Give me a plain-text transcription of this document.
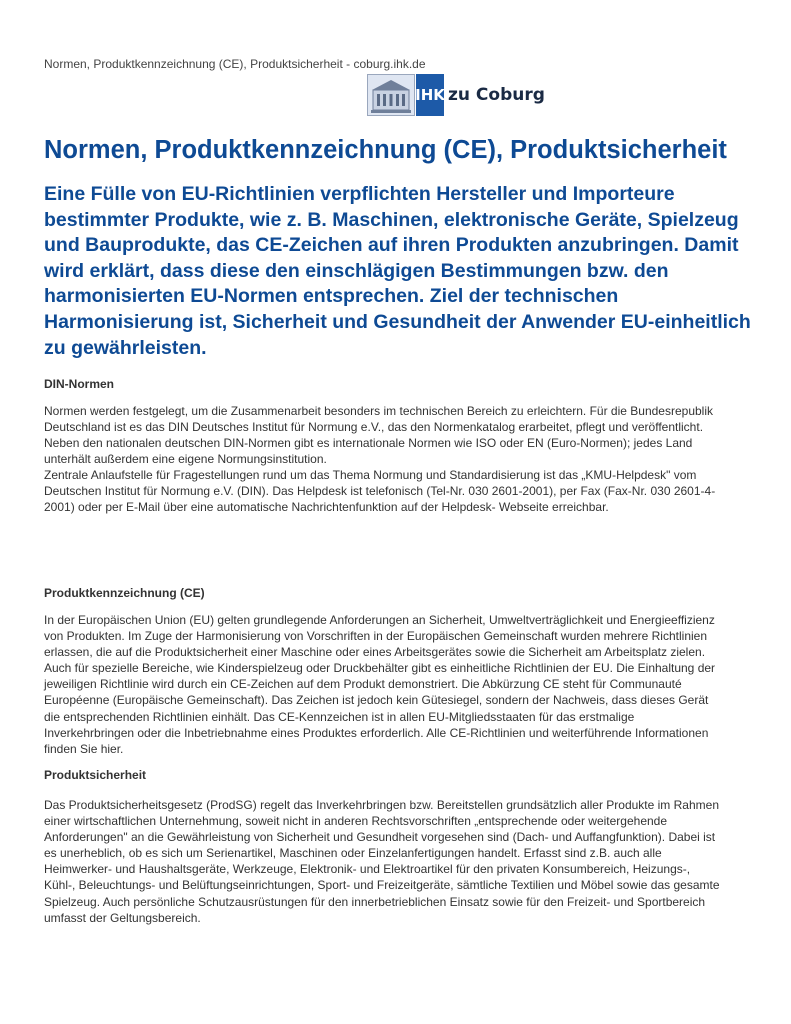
Normen, Produktkennzeichnung (CE), Produktsicherheit - coburg.ihk.de
IHK zu Coburg
Normen, Produktkennzeichnung (CE), Produktsicherheit

Eine Fülle von EU-Richtlinien verpflichten Hersteller und Importeure bestimmter Produkte, wie z. B. Maschinen, elektronische Geräte, Spielzeug und Bauprodukte, das CE-Zeichen auf ihren Produkten anzubringen. Damit wird erklärt, dass diese den einschlägigen Bestimmungen bzw. den harmonisierten EU-Normen entsprechen. Ziel der technischen Harmonisierung ist, Sicherheit und Gesundheit der Anwender EU-einheitlich zu gewährleisten.

DIN-Normen

Normen werden festgelegt, um die Zusammenarbeit besonders im technischen Bereich zu erleichtern. Für die Bundesrepublik Deutschland ist es das DIN Deutsches Institut für Normung e.V., das den Normenkatalog erarbeitet, pflegt und veröffentlicht. Neben den nationalen deutschen DIN-Normen gibt es internationale Normen wie ISO oder EN (Euro-Normen); jedes Land unterhält außerdem eine eigene Normungsinstitution.

Zentrale Anlaufstelle für Fragestellungen rund um das Thema Normung und Standardisierung ist das „KMU-Helpdesk" vom Deutschen Institut für Normung e.V. (DIN). Das Helpdesk ist telefonisch (Tel-Nr. 030 2601-2001), per Fax (Fax-Nr. 030 2601-4-2001) oder per E-Mail über eine automatische Nachrichtenfunktion auf der Helpdesk- Webseite erreichbar.

Produktkennzeichnung (CE)

In der Europäischen Union (EU) gelten grundlegende Anforderungen an Sicherheit, Umweltverträglichkeit und Energieeffizienz von Produkten. Im Zuge der Harmonisierung von Vorschriften in der Europäischen Gemeinschaft wurden mehrere Richtlinien erlassen, die auf die Produktsicherheit einer Maschine oder eines Arbeitsgerätes sowie die Sicherheit am Arbeitsplatz zielen. Auch für spezielle Bereiche, wie Kinderspielzeug oder Druckbehälter gibt es einheitliche Richtlinien der EU. Die Einhaltung der jeweiligen Richtlinie wird durch ein CE-Zeichen auf dem Produkt demonstriert. Die Abkürzung CE steht für Communauté Européenne (Europäische Gemeinschaft). Das Zeichen ist jedoch kein Gütesiegel, sondern der Nachweis, dass dieses Gerät die entsprechenden Richtlinien einhält. Das CE-Kennzeichen ist in allen EU-Mitgliedsstaaten für das erstmalige Inverkehrbringen oder die Inbetriebnahme eines Produktes erforderlich. Alle CE-Richtlinien und weiterführende Informationen finden Sie hier.

Produktsicherheit

Das Produktsicherheitsgesetz (ProdSG) regelt das Inverkehrbringen bzw. Bereitstellen grundsätzlich aller Produkte im Rahmen einer wirtschaftlichen Unternehmung, soweit nicht in anderen Rechtsvorschriften „entsprechende oder weitergehende Anforderungen" an die Gewährleistung von Sicherheit und Gesundheit vorgesehen sind (Dach- und Auffangfunktion). Dabei ist es unerheblich, ob es sich um Serienartikel, Maschinen oder Einzelanfertigungen handelt. Erfasst sind z.B. auch alle Heimwerker- und Haushaltsgeräte, Werkzeuge, Elektronik- und Elektroartikel für den privaten Konsumbereich, Heizungs-, Kühl-, Beleuchtungs- und Belüftungseinrichtungen, Sport- und Freizeitgeräte, sämtliche Textilien und Möbel sowie das gesamte Spielzeug. Auch persönliche Schutzausrüstungen für den innerbetrieblichen Einsatz sowie für den Freizeit- und Sportbereich umfasst der Geltungsbereich.
